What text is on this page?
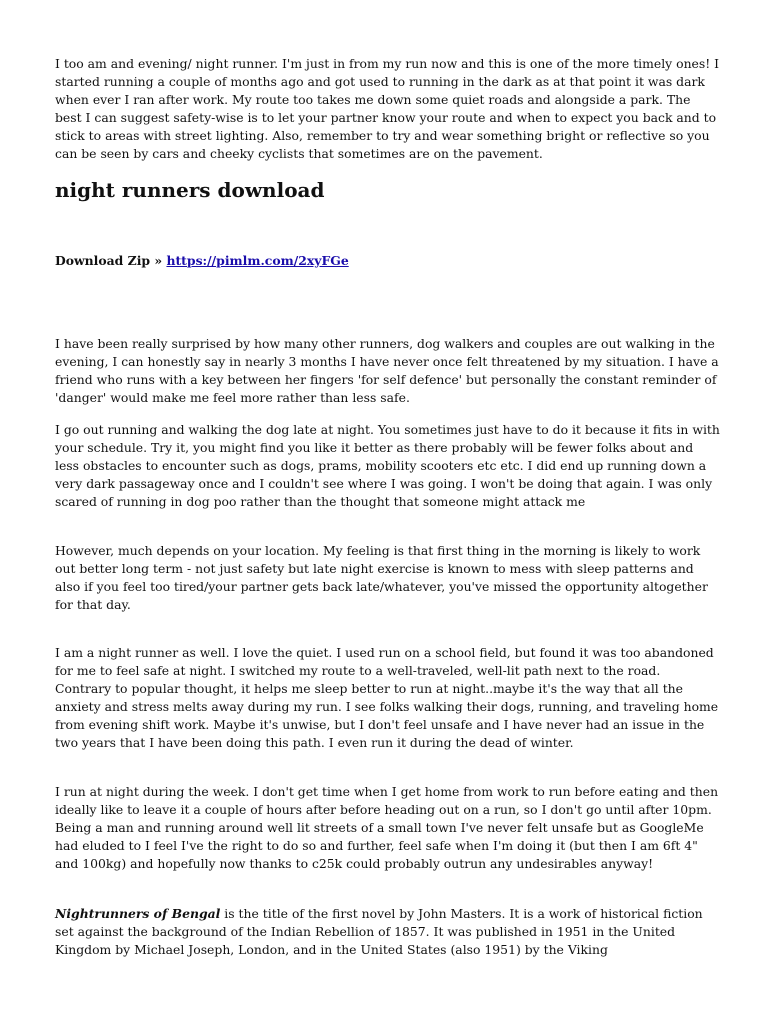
I too am and evening/ night runner. I'm just in from my run now and this is one of the more timely ones! I started running a couple of months ago and got used to running in the dark as at that point it was dark when ever I ran after work. My route too takes me down some quiet roads and alongside a park. The best I can suggest safety-wise is to let your partner know your route and when to expect you back and to stick to areas with street lighting. Also, remember to try and wear something bright or reflective so you can be seen by cars and cheeky cyclists that sometimes are on the pavement.

night runners download
Download Zip » https://pimlm.com/2xyFGe

I have been really surprised by how many other runners, dog walkers and couples are out walking in the evening, I can honestly say in nearly 3 months I have never once felt threatened by my situation. I have a friend who runs with a key between her fingers 'for self defence' but personally the constant reminder of 'danger' would make me feel more rather than less safe.

I go out running and walking the dog late at night. You sometimes just have to do it because it fits in with your schedule. Try it, you might find you like it better as there probably will be fewer folks about and less obstacles to encounter such as dogs, prams, mobility scooters etc etc. I did end up running down a very dark passageway once and I couldn't see where I was going. I won't be doing that again. I was only scared of running in dog poo rather than the thought that someone might attack me

However, much depends on your location. My feeling is that first thing in the morning is likely to work out better long term - not just safety but late night exercise is known to mess with sleep patterns and also if you feel too tired/your partner gets back late/whatever, you've missed the opportunity altogether for that day.

I am a night runner as well. I love the quiet. I used run on a school field, but found it was too abandoned for me to feel safe at night. I switched my route to a well-traveled, well-lit path next to the road. Contrary to popular thought, it helps me sleep better to run at night..maybe it's the way that all the anxiety and stress melts away during my run. I see folks walking their dogs, running, and traveling home from evening shift work. Maybe it's unwise, but I don't feel unsafe and I have never had an issue in the two years that I have been doing this path. I even run it during the dead of winter.

I run at night during the week. I don't get time when I get home from work to run before eating and then ideally like to leave it a couple of hours after before heading out on a run, so I don't go until after 10pm. Being a man and running around well lit streets of a small town I've never felt unsafe but as GoogleMe had eluded to I feel I've the right to do so and further, feel safe when I'm doing it (but then I am 6ft 4" and 100kg) and hopefully now thanks to c25k could probably outrun any undesirables anyway!

Nightrunners of Bengal is the title of the first novel by John Masters. It is a work of historical fiction set against the background of the Indian Rebellion of 1857. It was published in 1951 in the United Kingdom by Michael Joseph, London, and in the United States (also 1951) by the Viking
